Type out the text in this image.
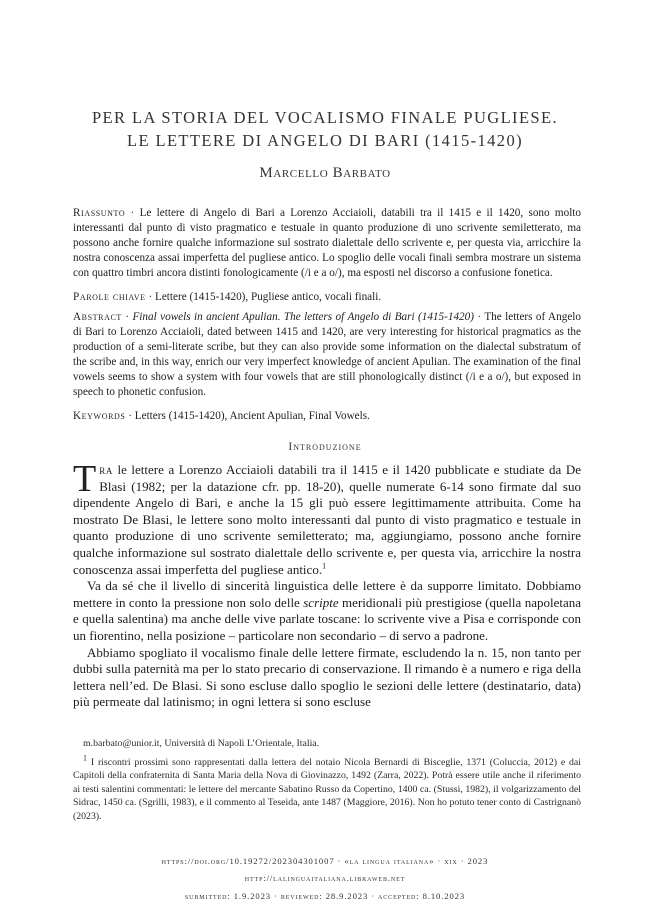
PER LA STORIA DEL VOCALISMO FINALE PUGLIESE.
LE LETTERE DI ANGELO DI BARI (1415-1420)
Marcello Barbato
Riassunto · Le lettere di Angelo di Bari a Lorenzo Acciaioli, databili tra il 1415 e il 1420, sono molto interessanti dal punto di visto pragmatico e testuale in quanto produzione di uno scrivente semiletterato, ma possono anche fornire qualche informazione sul sostrato dialettale dello scrivente e, per questa via, arricchire la nostra conoscenza assai imperfetta del pugliese antico. Lo spoglio delle vocali finali sembra mostrare un sistema con quattro timbri ancora distinti fonologicamente (/i e a o/), ma esposti nel discorso a confusione fonetica.
Parole chiave · Lettere (1415-1420), Pugliese antico, vocali finali.
Abstract · Final vowels in ancient Apulian. The letters of Angelo di Bari (1415-1420) · The letters of Angelo di Bari to Lorenzo Acciaioli, dated between 1415 and 1420, are very interesting for historical pragmatics as the production of a semi-literate scribe, but they can also provide some information on the dialectal substratum of the scribe and, in this way, enrich our very imperfect knowledge of ancient Apulian. The examination of the final vowels seems to show a system with four vowels that are still phonologically distinct (/i e a o/), but exposed in speech to phonetic confusion.
Keywords · Letters (1415-1420), Ancient Apulian, Final Vowels.
Introduzione

Tra le lettere a Lorenzo Acciaioli databili tra il 1415 e il 1420 pubblicate e studiate da De Blasi (1982; per la datazione cfr. pp. 18-20), quelle numerate 6-14 sono firmate dal suo dipendente Angelo di Bari, e anche la 15 gli può essere legittimamente attribuita. Come ha mostrato De Blasi, le lettere sono molto interessanti dal punto di visto pragmatico e testuale in quanto produzione di uno scrivente semiletterato; ma, aggiungiamo, possono anche fornire qualche informazione sul sostrato dialettale dello scrivente e, per questa via, arricchire la nostra conoscenza assai imperfetta del pugliese antico.$^1$

Va da sé che il livello di sincerità linguistica delle lettere è da supporre limitato. Dobbiamo mettere in conto la pressione non solo delle scripte meridionali più prestigiose (quella napoletana e quella salentina) ma anche delle vive parlate toscane: lo scrivente vive a Pisa e corrisponde con un fiorentino, nella posizione – particolare non secondario – di servo a padrone.

Abbiamo spogliato il vocalismo finale delle lettere firmate, escludendo la n. 15, non tanto per dubbi sulla paternità ma per lo stato precario di conservazione. Il rimando è a numero e riga della lettera nell’ed. De Blasi. Si sono escluse dallo spoglio le sezioni delle lettere (destinatario, data) più permeate dal latinismo; in ogni lettera si sono escluse

m.barbato@unior.it, Università di Napoli L’Orientale, Italia.

$^1$ I riscontri prossimi sono rappresentati dalla lettera del notaio Nicola Bernardi di Bisceglie, 1371 (Coluccia, 2012) e dai Capitoli della confraternita di Santa Maria della Nova di Giovinazzo, 1492 (Zarra, 2022). Potrà essere utile anche il riferimento ai testi salentini commentati: le lettere del mercante Sabatino Russo da Copertino, 1400 ca. (Stussi, 1982), il volgarizzamento del Sidrac, 1450 ca. (Sgrilli, 1983), e il commento al Teseida, ante 1487 (Maggiore, 2016). Non ho potuto tener conto di Castrignanò (2023).

https://doi.org/10.19272/202304301007 · «la lingua italiana» · xix · 2023
http://lalinguaitaliana.libraweb.net
submitted: 1.9.2023 · reviewed: 28.9.2023 · accepted: 8.10.2023
